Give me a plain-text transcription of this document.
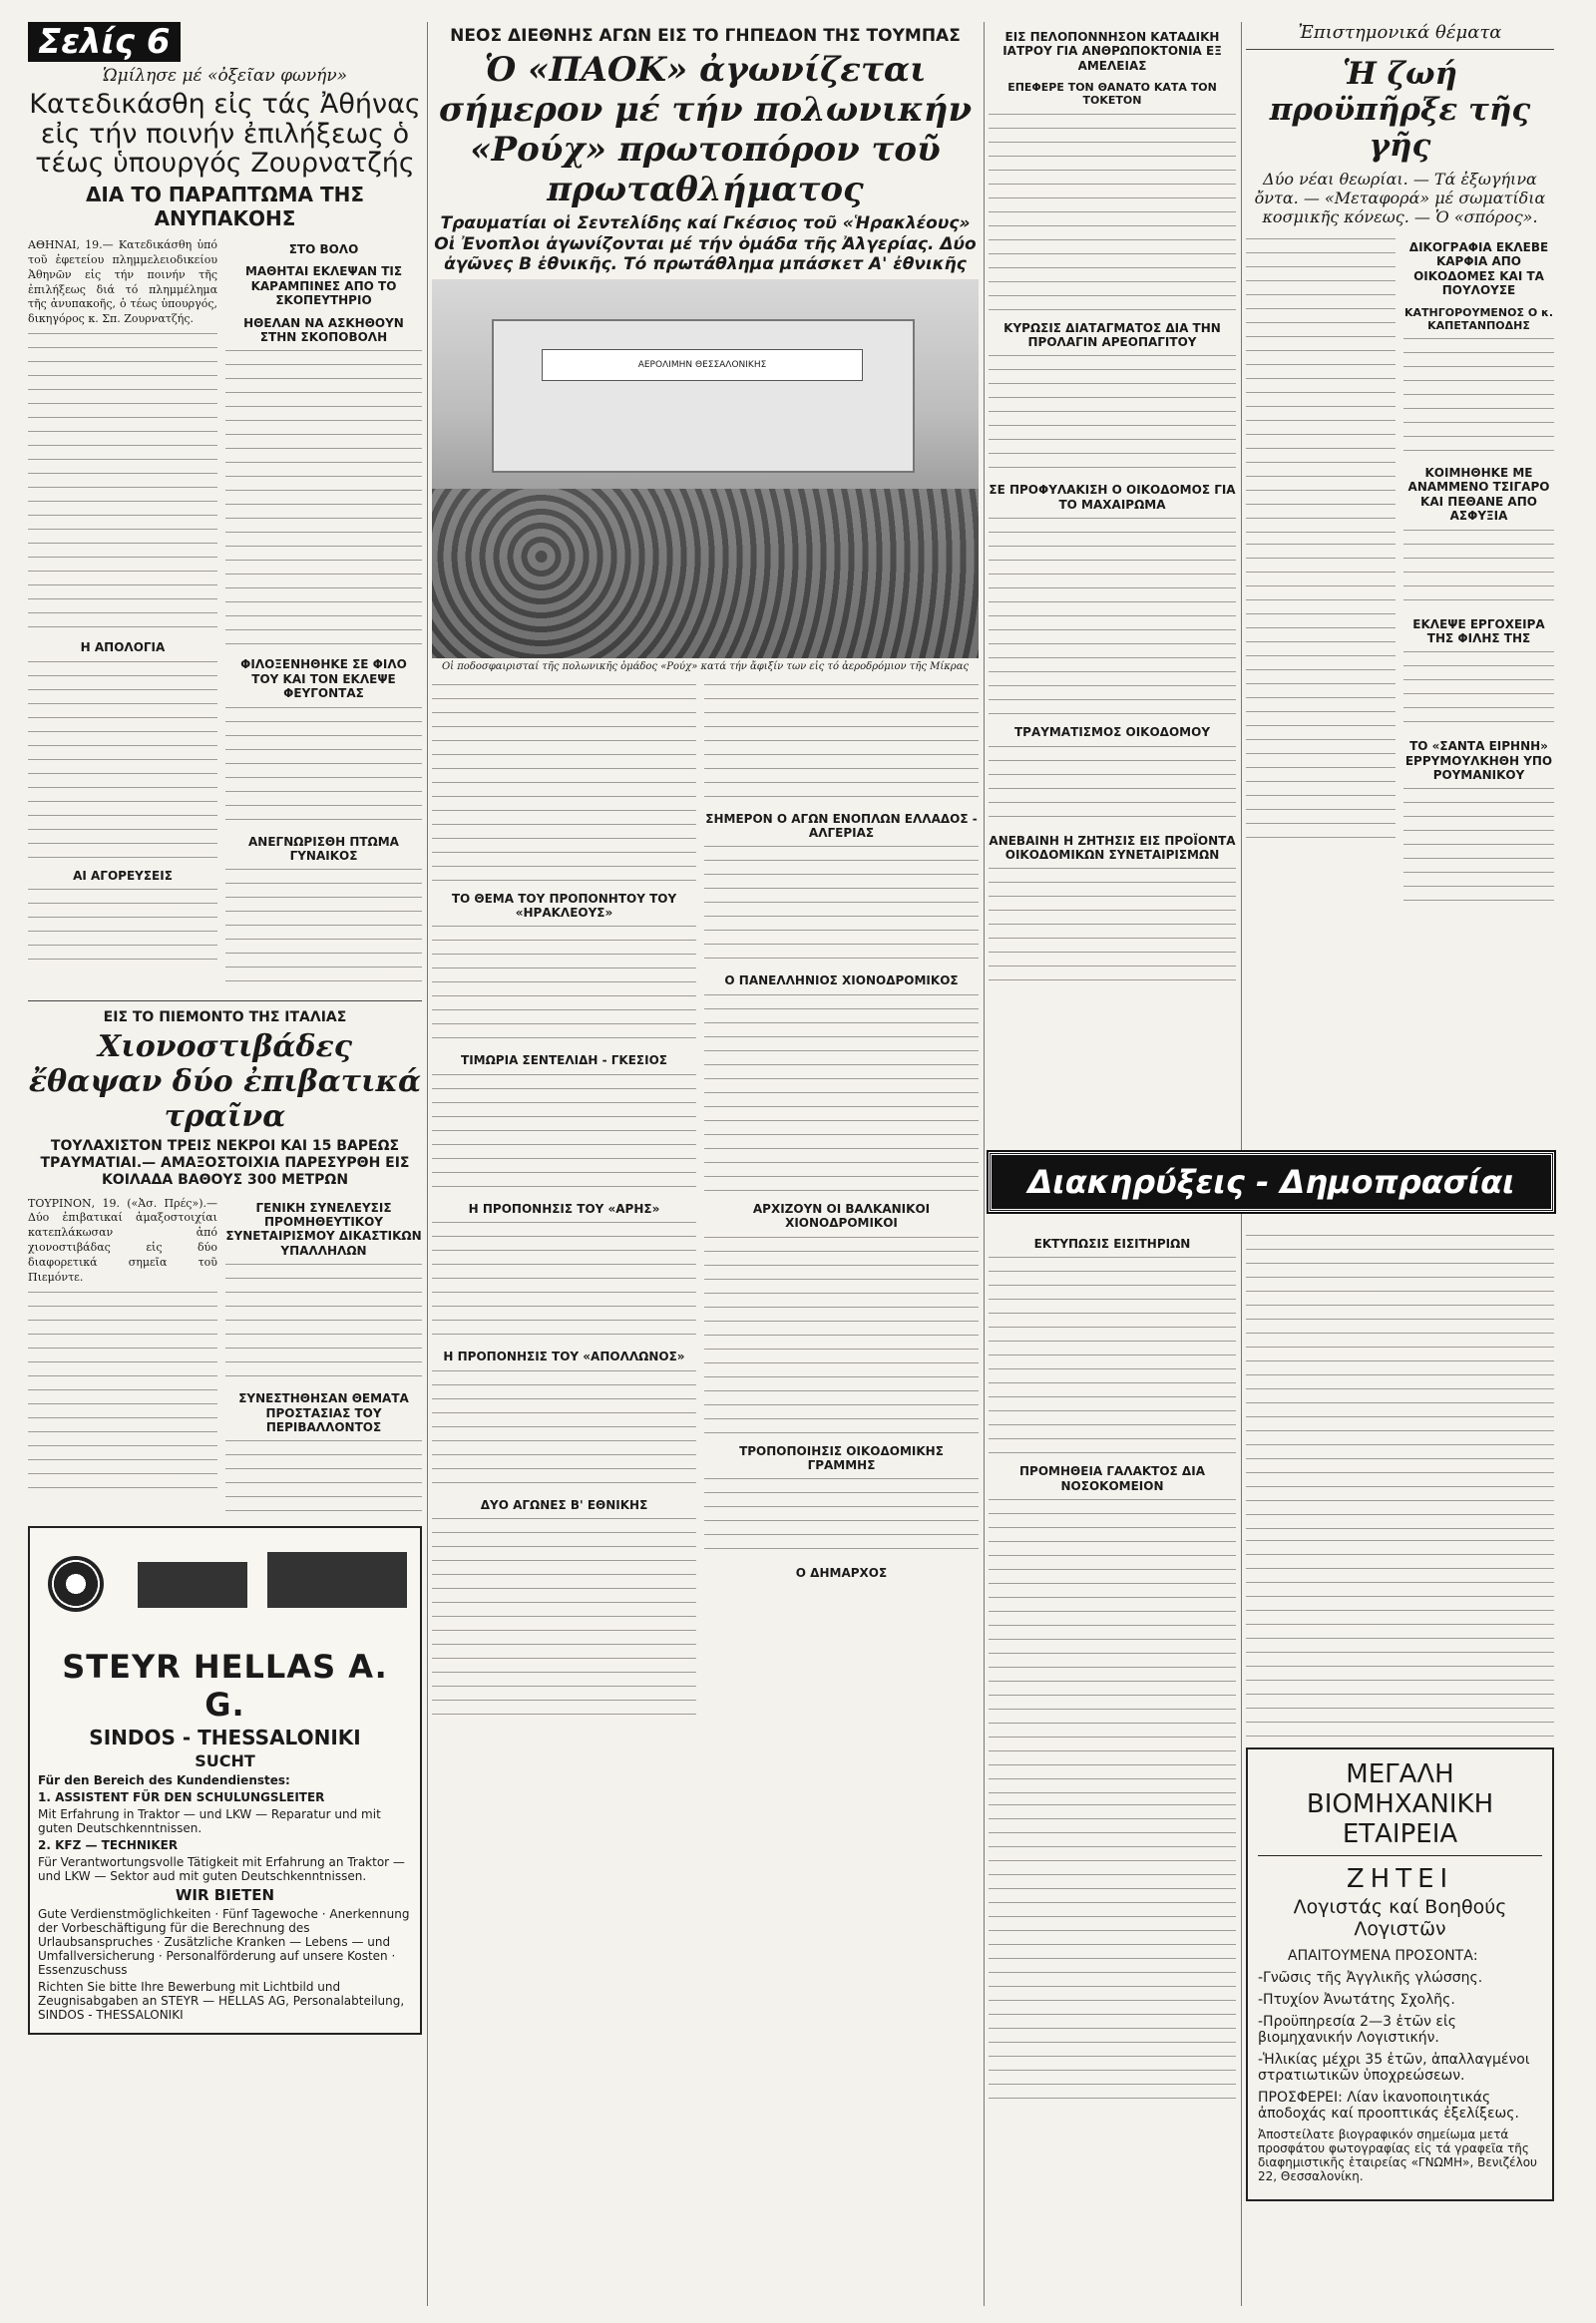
Σελίς 6

Ὡμίλησε μέ «ὀξεῖαν φωνήν»

Κατεδικάσθη εἰς τάς Ἀθήνας εἰς τήν ποινήν ἐπιλήξεως ὁ τέως ὑπουργός Ζουρνατζής

ΔΙΑ ΤΟ ΠΑΡΑΠΤΩΜΑ ΤΗΣ ΑΝΥΠΑΚΟΗΣ

ΑΘΗΝΑΙ, 19.— Κατεδικάσθη ὑπό τοῦ ἐφετείου πλημμελειοδικείου Ἀθηνῶν εἰς τήν ποινήν τῆς ἐπιλήξεως διά τό πλημμέλημα τῆς ἀνυπακοῆς, ὁ τέως ὑπουργός, δικηγόρος κ. Σπ. Ζουρνατζής.

Η ΑΠΟΛΟΓΙΑ

ΑΙ ΑΓΟΡΕΥΣΕΙΣ

ΣΤΟ ΒΟΛΟ

ΜΑΘΗΤΑΙ ΕΚΛΕΨΑΝ ΤΙΣ ΚΑΡΑΜΠΙΝΕΣ ΑΠΟ ΤΟ ΣΚΟΠΕΥΤΗΡΙΟ

ΗΘΕΛΑΝ ΝΑ ΑΣΚΗΘΟΥΝ ΣΤΗΝ ΣΚΟΠΟΒΟΛΗ

ΦΙΛΟΞΕΝΗΘΗΚΕ ΣΕ ΦΙΛΟ ΤΟΥ ΚΑΙ ΤΟΝ ΕΚΛΕΨΕ ΦΕΥΓΟΝΤΑΣ

ΑΝΕΓΝΩΡΙΣΘΗ ΠΤΩΜΑ ΓΥΝΑΙΚΟΣ

ΕΙΣ ΤΟ ΠΙΕΜΟΝΤΟ ΤΗΣ ΙΤΑΛΙΑΣ

Χιονοστιβάδες ἔθαψαν δύο ἐπιβατικά τραῖνα

ΤΟΥΛΑΧΙΣΤΟΝ ΤΡΕΙΣ ΝΕΚΡΟΙ ΚΑΙ 15 ΒΑΡΕΩΣ ΤΡΑΥΜΑΤΙΑΙ.— ΑΜΑΞΟΣΤΟΙΧΙΑ ΠΑΡΕΣΥΡΘΗ ΕΙΣ ΚΟΙΛΑΔΑ ΒΑΘΟΥΣ 300 ΜΕΤΡΩΝ

ΤΟΥΡΙΝΟΝ, 19. («Ἀσ. Πρές»).— Δύο ἐπιβατικαί ἀμαξοστοιχίαι κατεπλάκωσαν ἀπό χιονοστιβάδας εἰς δύο διαφορετικά σημεῖα τοῦ Πιεμόντε.

ΓΕΝΙΚΗ ΣΥΝΕΛΕΥΣΙΣ ΠΡΟΜΗΘΕΥΤΙΚΟΥ ΣΥΝΕΤΑΙΡΙΣΜΟΥ ΔΙΚΑΣΤΙΚΩΝ ΥΠΑΛΛΗΛΩΝ

ΣΥΝΕΣΤΗΘΗΣΑΝ ΘΕΜΑΤΑ ΠΡΟΣΤΑΣΙΑΣ ΤΟΥ ΠΕΡΙΒΑΛΛΟΝΤΟΣ

STEYR HELLAS A. G.

SINDOS - THESSALONIKI

SUCHT

Für den Bereich des Kundendienstes:

1. ASSISTENT FÜR DEN SCHULUNGSLEITER

Mit Erfahrung in Traktor — und LKW — Reparatur und mit guten Deutschkenntnissen.

2. KFZ — TECHNIKER

Für Verantwortungsvolle Tätigkeit mit Erfahrung an Traktor — und LKW — Sektor aud mit guten Deutschkenntnissen.

WIR BIETEN

Gute Verdienstmöglichkeiten · Fünf Tagewoche · Anerkennung der Vorbeschäftigung für die Berechnung des Urlaubsanspruches · Zusätzliche Kranken — Lebens — und Umfallversicherung · Personalförderung auf unsere Kosten · Essenzuschuss

Richten Sie bitte Ihre Bewerbung mit Lichtbild und Zeugnisabgaben an STEYR — HELLAS AG, Personalabteilung, SINDOS - THESSALONIKI

ΝΕΟΣ ΔΙΕΘΝΗΣ ΑΓΩΝ ΕΙΣ ΤΟ ΓΗΠΕΔΟΝ ΤΗΣ ΤΟΥΜΠΑΣ

Ὁ «ΠΑΟΚ» ἀγωνίζεται σήμερον μέ τήν πολωνικήν «Ρούχ» πρωτοπόρον τοῦ πρωταθλήματος

Τραυματίαι οἱ Σεντελίδης καί Γκέσιος τοῦ «Ἡρακλέους» Οἱ Ἐνοπλοι ἀγωνίζονται μέ τήν ὁμάδα τῆς Ἀλγερίας. Δύο ἀγῶνες Β ἐθνικῆς. Τό πρωτάθλημα μπάσκετ Α' ἐθνικῆς

ΑΕΡΟΛΙΜΗΝ ΘΕΣΣΑΛΟΝΙΚΗΣ

Οἱ ποδοσφαιρισταί τῆς πολωνικῆς ὁμάδος «Ρούχ» κατά τήν ἄφιξίν των εἰς τό ἀεροδρόμιον τῆς Μίκρας

ΤΟ ΘΕΜΑ ΤΟΥ ΠΡΟΠΟΝΗΤΟΥ ΤΟΥ «ΗΡΑΚΛΕΟΥΣ»

ΤΙΜΩΡΙΑ ΣΕΝΤΕΛΙΔΗ - ΓΚΕΣΙΟΣ

Η ΠΡΟΠΟΝΗΣΙΣ ΤΟΥ «ΑΡΗΣ»

Η ΠΡΟΠΟΝΗΣΙΣ ΤΟΥ «ΑΠΟΛΛΩΝΟΣ»

ΔΥΟ ΑΓΩΝΕΣ Β' ΕΘΝΙΚΗΣ

ΣΗΜΕΡΟΝ Ο ΑΓΩΝ ΕΝΟΠΛΩΝ ΕΛΛΑΔΟΣ - ΑΛΓΕΡΙΑΣ

Ο ΠΑΝΕΛΛΗΝΙΟΣ ΧΙΟΝΟΔΡΟΜΙΚΟΣ

ΑΡΧΙΖΟΥΝ ΟΙ ΒΑΛΚΑΝΙΚΟΙ ΧΙΟΝΟΔΡΟΜΙΚΟΙ

ΤΡΟΠΟΠΟΙΗΣΙΣ ΟΙΚΟΔΟΜΙΚΗΣ ΓΡΑΜΜΗΣ

Ο ΔΗΜΑΡΧΟΣ

ΕΙΣ ΠΕΛΟΠΟΝΝΗΣΟΝ ΚΑΤΑΔΙΚΗ ΙΑΤΡΟΥ ΓΙΑ ΑΝΘΡΩΠΟΚΤΟΝΙΑ ΕΞ ΑΜΕΛΕΙΑΣ

ΕΠΕΦΕΡΕ ΤΟΝ ΘΑΝΑΤΟ ΚΑΤΑ ΤΟΝ ΤΟΚΕΤΟΝ

ΚΥΡΩΣΙΣ ΔΙΑΤΑΓΜΑΤΟΣ ΔΙΑ ΤΗΝ ΠΡΟΛΑΓΙΝ ΑΡΕΟΠΑΓΙΤΟΥ

ΣΕ ΠΡΟΦΥΛΑΚΙΣΗ Ο ΟΙΚΟΔΟΜΟΣ ΓΙΑ ΤΟ ΜΑΧΑΙΡΩΜΑ

ΤΡΑΥΜΑΤΙΣΜΟΣ ΟΙΚΟΔΟΜΟΥ

ΑΝΕΒΑΙΝΗ Η ΖΗΤΗΣΙΣ ΕΙΣ ΠΡΟΪΟΝΤΑ ΟΙΚΟΔΟΜΙΚΩΝ ΣΥΝΕΤΑΙΡΙΣΜΩΝ

Διακηρύξεις - Δημοπρασίαι

ΕΚΤΥΠΩΣΙΣ ΕΙΣΙΤΗΡΙΩΝ

ΠΡΟΜΗΘΕΙΑ ΓΑΛΑΚΤΟΣ ΔΙΑ ΝΟΣΟΚΟΜΕΙΟΝ

Ἐπιστημονικά θέματα

Ἡ ζωή προϋπῆρξε τῆς γῆς

Δύο νέαι θεωρίαι. — Τά ἐξωγήινα ὄντα. — «Μεταφορά» μέ σωματίδια κοσμικῆς κόνεως. — Ὁ «σπόρος».

ΔΙΚΟΓΡΑΦΙΑ ΕΚΛΕΒΕ ΚΑΡΦΙΑ ΑΠΟ ΟΙΚΟΔΟΜΕΣ ΚΑΙ ΤΑ ΠΟΥΛΟΥΣΕ

ΚΑΤΗΓΟΡΟΥΜΕΝΟΣ Ο κ. ΚΑΠΕΤΑΝΠΟΔΗΣ

ΚΟΙΜΗΘΗΚΕ ΜΕ ΑΝΑΜΜΕΝΟ ΤΣΙΓΑΡΟ ΚΑΙ ΠΕΘΑΝΕ ΑΠΟ ΑΣΦΥΞΙΑ

ΕΚΛΕΨΕ ΕΡΓΟΧΕΙΡΑ ΤΗΣ ΦΙΛΗΣ ΤΗΣ

ΤΟ «ΣΑΝΤΑ ΕΙΡΗΝΗ» ΕΡΡΥΜΟΥΛΚΗΘΗ ΥΠΟ ΡΟΥΜΑΝΙΚΟΥ

ΜΕΓΑΛΗ ΒΙΟΜΗΧΑΝΙΚΗ ΕΤΑΙΡΕΙΑ

ΖΗΤΕΙ

Λογιστάς καί Βοηθούς Λογιστῶν

ΑΠΑΙΤΟΥΜΕΝΑ ΠΡΟΣΟΝΤΑ:

-Γνῶσις τῆς Ἀγγλικῆς γλώσσης.

-Πτυχίον Ἀνωτάτης Σχολῆς.

-Προϋπηρεσία 2—3 ἐτῶν εἰς βιομηχανικήν Λογιστικήν.

-Ἡλικίας μέχρι 35 ἐτῶν, ἀπαλλαγμένοι στρατιωτικῶν ὑποχρεώσεων.

ΠΡΟΣΦΕΡΕΙ: Λίαν ἱκανοποιητικάς ἀποδοχάς καί προοπτικάς ἐξελίξεως.

Ἀποστείλατε βιογραφικόν σημείωμα μετά προσφάτου φωτογραφίας εἰς τά γραφεῖα τῆς διαφημιστικῆς ἑταιρείας «ΓΝΩΜΗ», Βενιζέλου 22, Θεσσαλονίκη.
